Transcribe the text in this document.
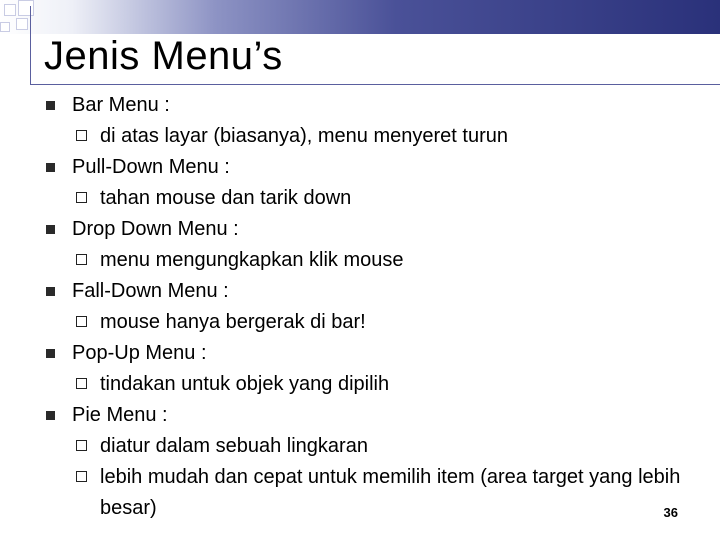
Jenis Menu’s
Bar Menu :
di atas layar (biasanya), menu menyeret turun
Pull-Down Menu :
tahan mouse dan tarik down
Drop Down Menu :
menu mengungkapkan klik mouse
Fall-Down Menu :
mouse hanya bergerak di bar!
Pop-Up Menu :
tindakan untuk objek yang dipilih
Pie Menu :
diatur dalam sebuah lingkaran
lebih mudah dan cepat untuk memilih item (area target yang lebih besar)	36
